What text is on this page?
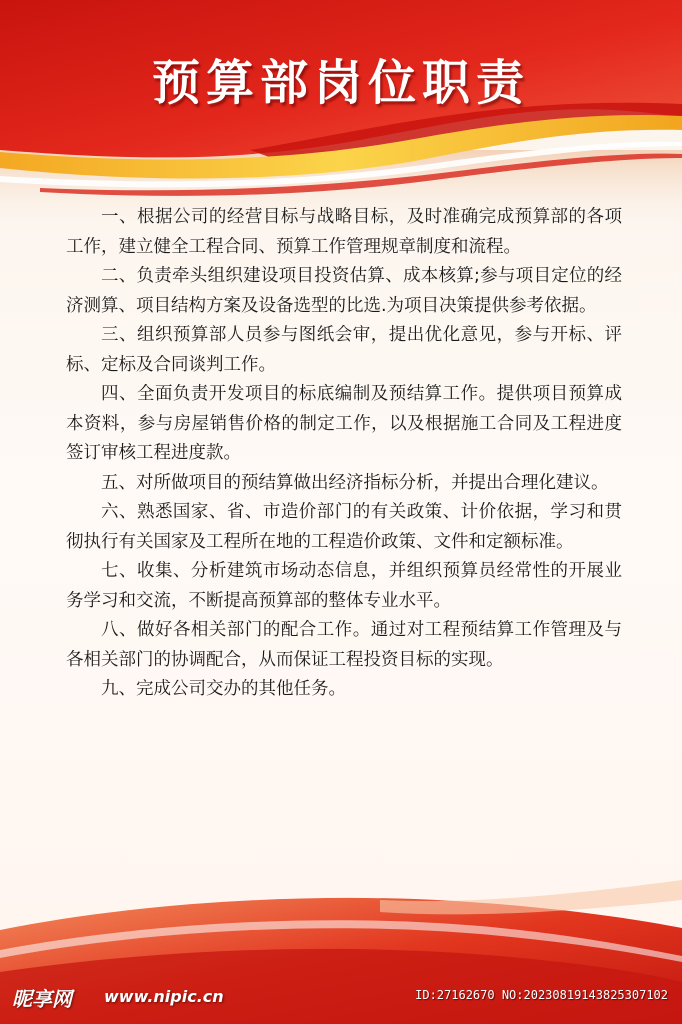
预算部岗位职责

一、根据公司的经营目标与战略目标，及时准确完成预算部的各项工作，建立健全工程合同、预算工作管理规章制度和流程。

二、负责牵头组织建设项目投资估算、成本核算;参与项目定位的经济测算、项目结构方案及设备选型的比选.为项目决策提供参考依据。

三、组织预算部人员参与图纸会审，提出优化意见，参与开标、评标、定标及合同谈判工作。

四、全面负责开发项目的标底编制及预结算工作。提供项目预算成本资料，参与房屋销售价格的制定工作，以及根据施工合同及工程进度签订审核工程进度款。

五、对所做项目的预结算做出经济指标分析，并提出合理化建议。

六、熟悉国家、省、市造价部门的有关政策、计价依据，学习和贯彻执行有关国家及工程所在地的工程造价政策、文件和定额标准。

七、收集、分析建筑市场动态信息，并组织预算员经常性的开展业务学习和交流，不断提高预算部的整体专业水平。

八、做好各相关部门的配合工作。通过对工程预结算工作管理及与各相关部门的协调配合，从而保证工程投资目标的实现。

九、完成公司交办的其他任务。

昵享网 www.nipic.cn	ID:27162670 NO:20230819143825307102
